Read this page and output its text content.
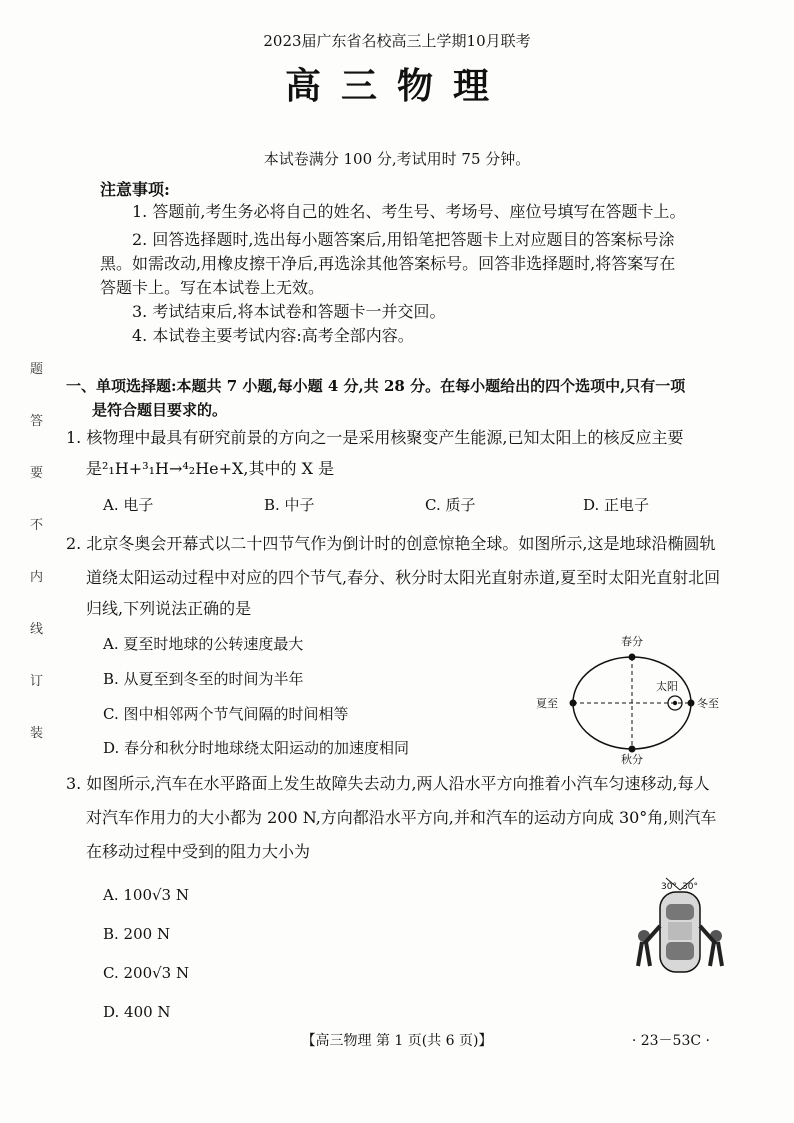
2023届广东省名校高三上学期10月联考
高三物理
本试卷满分 100 分,考试用时 75 分钟。
注意事项:
1. 答题前,考生务必将自己的姓名、考生号、考场号、座位号填写在答题卡上。
2. 回答选择题时,选出每小题答案后,用铅笔把答题卡上对应题目的答案标号涂
黑。如需改动,用橡皮擦干净后,再选涂其他答案标号。回答非选择题时,将答案写在
答题卡上。写在本试卷上无效。
3. 考试结束后,将本试卷和答题卡一并交回。
4. 本试卷主要考试内容:高考全部内容。
题
答
要
不
内
线
订
装
一、单项选择题:本题共 7 小题,每小题 4 分,共 28 分。在每小题给出的四个选项中,只有一项
是符合题目要求的。
1. 核物理中最具有研究前景的方向之一是采用核聚变产生能源,已知太阳上的核反应主要
是²₁H+³₁H→⁴₂He+X,其中的 X 是
A. 电子	B. 中子	C. 质子	D. 正电子
2. 北京冬奥会开幕式以二十四节气作为倒计时的创意惊艳全球。如图所示,这是地球沿椭圆轨
道绕太阳运动过程中对应的四个节气,春分、秋分时太阳光直射赤道,夏至时太阳光直射北回
归线,下列说法正确的是
A. 夏至时地球的公转速度最大
B. 从夏至到冬至的时间为半年
C. 图中相邻两个节气间隔的时间相等
D. 春分和秋分时地球绕太阳运动的加速度相同
春分
秋分
夏至
太阳
冬至
3. 如图所示,汽车在水平路面上发生故障失去动力,两人沿水平方向推着小汽车匀速移动,每人
对汽车作用力的大小都为 200 N,方向都沿水平方向,并和汽车的运动方向成 30°角,则汽车
在移动过程中受到的阻力大小为
A. 100√3 N
B. 200 N
C. 200√3 N
D. 400 N
30° 30°
【高三物理 第 1 页(共 6 页)】	· 23－53C ·
